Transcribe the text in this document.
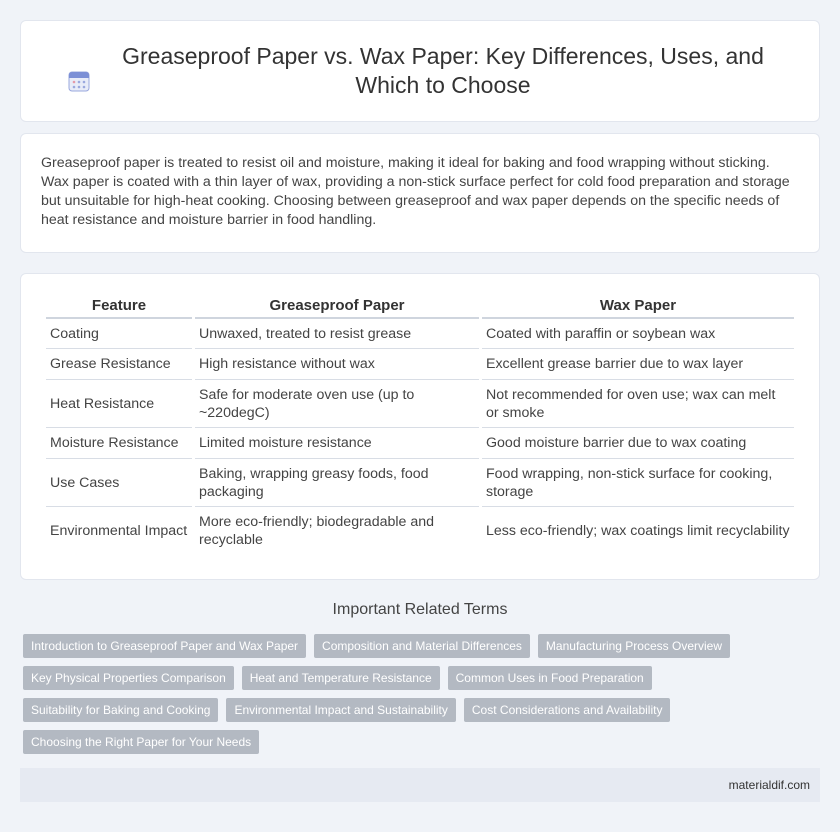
Greaseproof Paper vs. Wax Paper: Key Differences, Uses, and Which to Choose

Greaseproof paper is treated to resist oil and moisture, making it ideal for baking and food wrapping without sticking. Wax paper is coated with a thin layer of wax, providing a non-stick surface perfect for cold food preparation and storage but unsuitable for high-heat cooking. Choosing between greaseproof and wax paper depends on the specific needs of heat resistance and moisture barrier in food handling.

Feature	Greaseproof Paper	Wax Paper
Coating	Unwaxed, treated to resist grease	Coated with paraffin or soybean wax
Grease Resistance	High resistance without wax	Excellent grease barrier due to wax layer
Heat Resistance	Safe for moderate oven use (up to ~220degC)	Not recommended for oven use; wax can melt or smoke
Moisture Resistance	Limited moisture resistance	Good moisture barrier due to wax coating
Use Cases	Baking, wrapping greasy foods, food packaging	Food wrapping, non-stick surface for cooking, storage
Environmental Impact	More eco-friendly; biodegradable and recyclable	Less eco-friendly; wax coatings limit recyclability
Important Related Terms
Introduction to Greaseproof Paper and Wax Paper	Composition and Material Differences	Manufacturing Process Overview
Key Physical Properties Comparison	Heat and Temperature Resistance	Common Uses in Food Preparation
Suitability for Baking and Cooking	Environmental Impact and Sustainability	Cost Considerations and Availability
Choosing the Right Paper for Your Needs
materialdif.com
